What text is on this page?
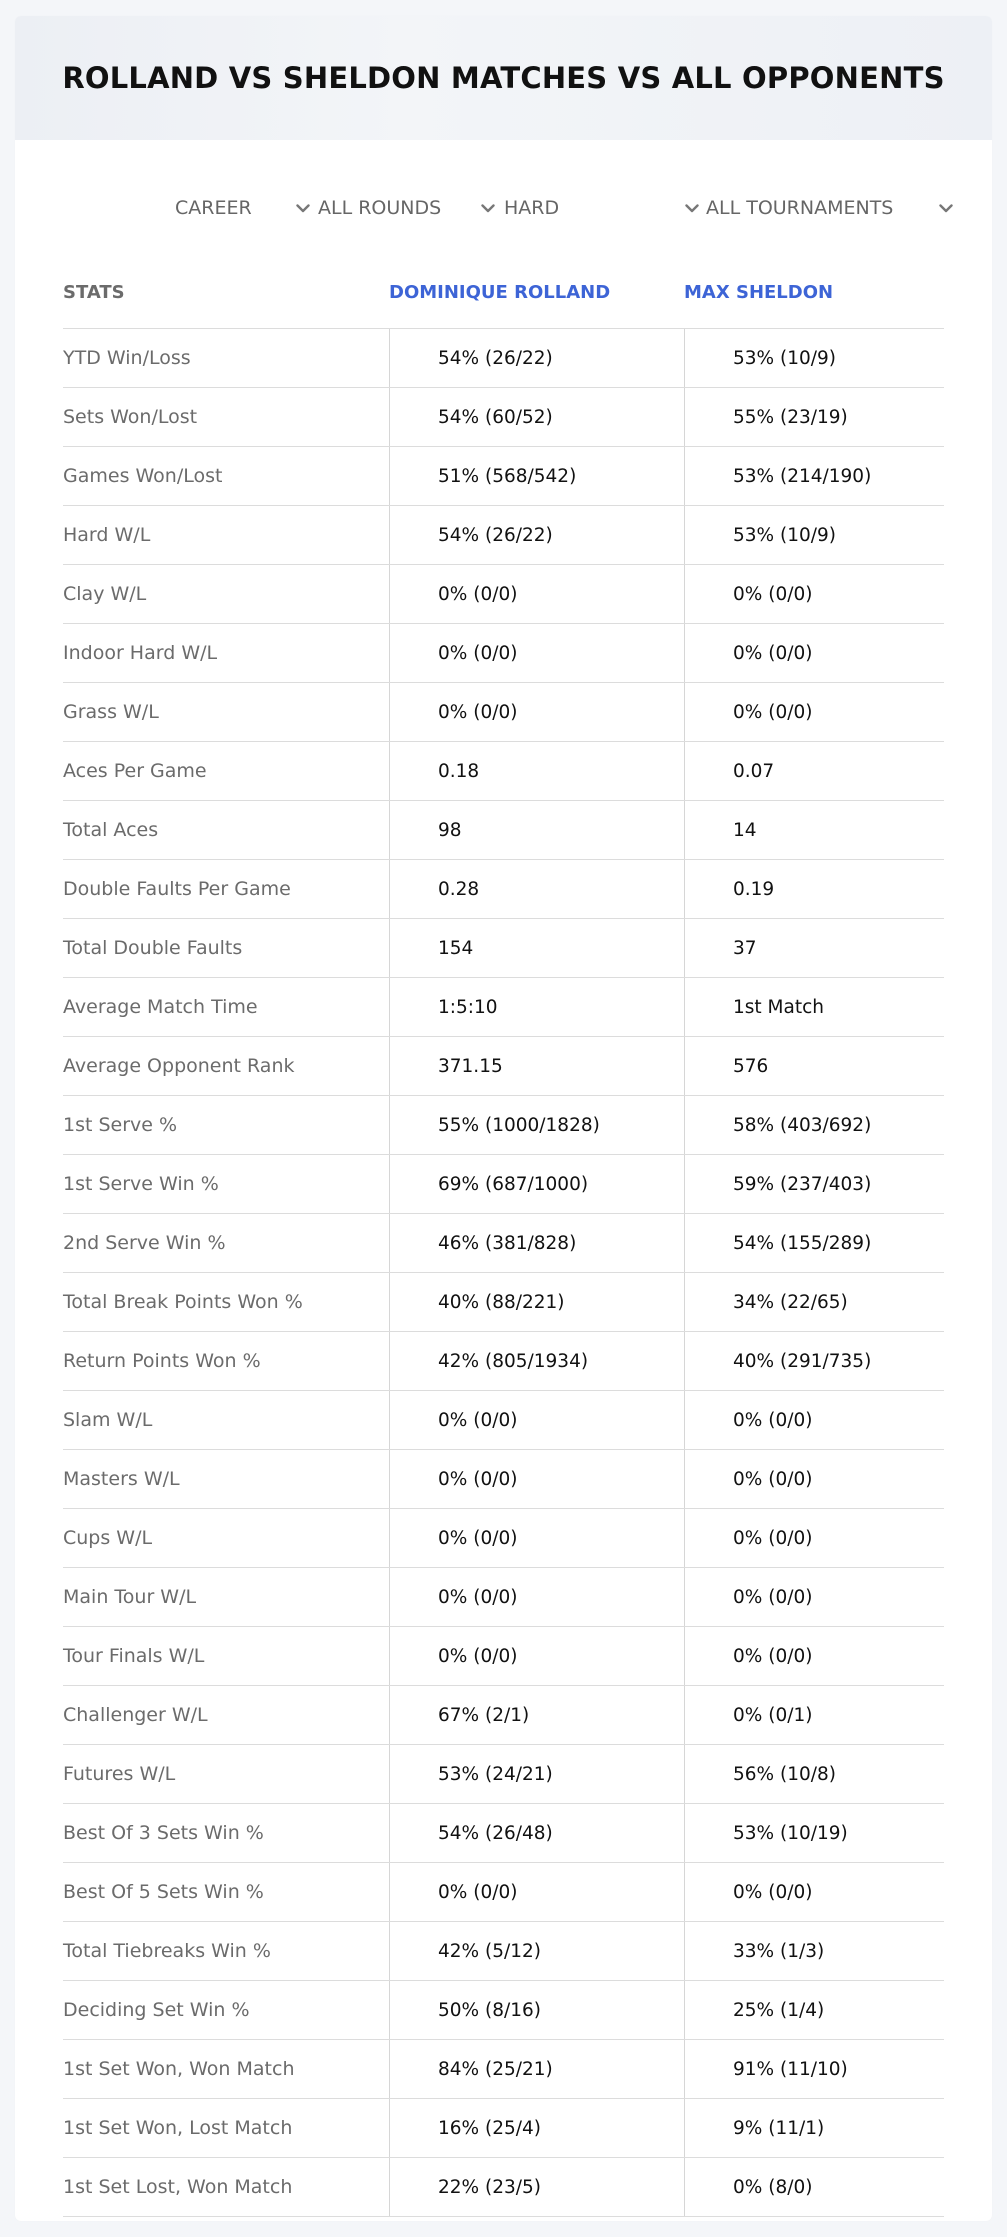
ROLLAND VS SHELDON MATCHES VS ALL OPPONENTS
CAREER	ALL ROUNDS	HARD	ALL TOURNAMENTS
STATS	DOMINIQUE ROLLAND	MAX SHELDON
YTD Win/Loss	54% (26/22)	53% (10/9)
Sets Won/Lost	54% (60/52)	55% (23/19)
Games Won/Lost	51% (568/542)	53% (214/190)
Hard W/L	54% (26/22)	53% (10/9)
Clay W/L	0% (0/0)	0% (0/0)
Indoor Hard W/L	0% (0/0)	0% (0/0)
Grass W/L	0% (0/0)	0% (0/0)
Aces Per Game	0.18	0.07
Total Aces	98	14
Double Faults Per Game	0.28	0.19
Total Double Faults	154	37
Average Match Time	1:5:10	1st Match
Average Opponent Rank	371.15	576
1st Serve %	55% (1000/1828)	58% (403/692)
1st Serve Win %	69% (687/1000)	59% (237/403)
2nd Serve Win %	46% (381/828)	54% (155/289)
Total Break Points Won %	40% (88/221)	34% (22/65)
Return Points Won %	42% (805/1934)	40% (291/735)
Slam W/L	0% (0/0)	0% (0/0)
Masters W/L	0% (0/0)	0% (0/0)
Cups W/L	0% (0/0)	0% (0/0)
Main Tour W/L	0% (0/0)	0% (0/0)
Tour Finals W/L	0% (0/0)	0% (0/0)
Challenger W/L	67% (2/1)	0% (0/1)
Futures W/L	53% (24/21)	56% (10/8)
Best Of 3 Sets Win %	54% (26/48)	53% (10/19)
Best Of 5 Sets Win %	0% (0/0)	0% (0/0)
Total Tiebreaks Win %	42% (5/12)	33% (1/3)
Deciding Set Win %	50% (8/16)	25% (1/4)
1st Set Won, Won Match	84% (25/21)	91% (11/10)
1st Set Won, Lost Match	16% (25/4)	9% (11/1)
1st Set Lost, Won Match	22% (23/5)	0% (8/0)
